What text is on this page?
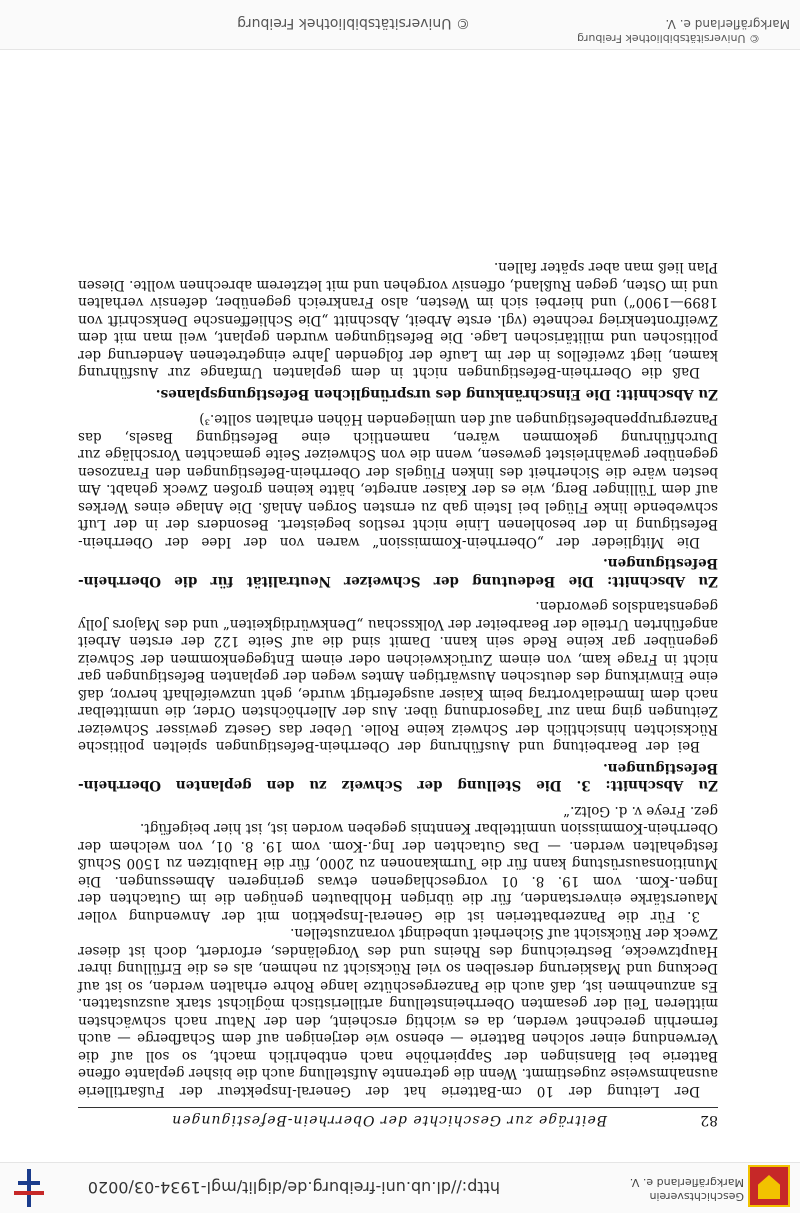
Geschichtsverein Markgräflerland e. V.
http://dl.ub.uni-freiburg.de/diglit/mgl-1934-03/0020
82
Beiträge zur Geschichte der Oberrhein-Befestigungen

Der Leitung der 10 cm-Batterie hat der General-Inspekteur der Fußartillerie ausnahmsweise zugestimmt. Wenn die getrennte Aufstellung auch die bisher geplante offene Batterie bei Blansingen der Sappierhöhe nach entbehrlich macht, so soll auf die Verwendung einer solchen Batterie — ebenso wie derjenigen auf dem Schafberge — auch fernerhin gerechnet werden, da es wichtig erscheint, den der Natur nach schwächsten mittleren Teil der gesamten Oberrheinstellung artilleristisch möglichst stark auszustatten. Es anzunehmen ist, daß auch die Panzergeschütze lange Rohre erhalten werden, so ist auf Deckung und Maskierung derselben so viel Rücksicht zu nehmen, als es die Erfüllung ihrer Hauptzwecke, Bestreichung des Rheins und des Vorgeländes, erfordert, doch ist dieser Zweck der Rücksicht auf Sicherheit unbedingt voranzustellen.

3. Für die Panzerbatterien ist die General-Inspektion mit der Anwendung voller Mauerstärke einverstanden, für die übrigen Hohlbauten genügen die im Gutachten der Ingen.-Kom. vom 19. 8. 01 vorgeschlagenen etwas geringeren Abmessungen. Die Munitionsausrüstung kann für die Turmkanonen zu 2000, für die Haubitzen zu 1500 Schuß festgehalten werden. — Das Gutachten der Ing.-Kom. vom 19. 8. 01, von welchem der Oberrhein-Kommission unmittelbar Kenntnis gegeben worden ist, ist hier beigefügt.

gez. Freye v. d. Goltz.“

Zu Abschnitt: 3. Die Stellung der Schweiz zu den geplanten Oberrhein-Befestigungen.

Bei der Bearbeitung und Ausführung der Oberrhein-Befestigungen spielten politische Rücksichten hinsichtlich der Schweiz keine Rolle. Ueber das Gesetz gewisser Schweizer Zeitungen ging man zur Tagesordnung über. Aus der Allerhöchsten Order, die unmittelbar nach dem Immediatvortrag beim Kaiser ausgefertigt wurde, geht unzweifelhaft hervor, daß eine Einwirkung des deutschen Auswärtigen Amtes wegen der geplanten Befestigungen gar nicht in Frage kam, von einem Zurückweichen oder einem Entgegenkommen der Schweiz gegenüber gar keine Rede sein kann. Damit sind die auf Seite 122 der ersten Arbeit angeführten Urteile der Bearbeiter der Volksschau „Denkwürdigkeiten“ und des Majors Jolly gegenstandslos geworden.

Zu Abschnitt: Die Bedeutung der Schweizer Neutralität für die Oberrhein-Befestigungen.

Die Mitglieder der „Oberrhein-Kommission“ waren von der Idee der Oberrhein-Befestigung in der besohlenen Linie nicht restlos begeistert. Besonders der in der Luft schwebende linke Flügel bei Istein gab zu ernsten Sorgen Anlaß. Die Anlage eines Werkes auf dem Tüllinger Berg, wie es der Kaiser anregte, hätte keinen großen Zweck gehabt. Am besten wäre die Sicherheit des linken Flügels der Oberrhein-Befestigungen den Franzosen gegenüber gewährleistet gewesen, wenn die von Schweizer Seite gemachten Vorschläge zur Durchführung gekommen wären, namentlich eine Befestigung Basels, das Panzergruppenbefestigungen auf den umliegenden Höhen erhalten sollte.³)

Zu Abschnitt: Die Einschränkung des ursprünglichen Befestigungsplanes.

Daß die Oberrhein-Befestigungen nicht in dem geplanten Umfange zur Ausführung kamen, liegt zweifellos in der im Laufe der folgenden Jahre eingetretenen Aenderung der politischen und militärischen Lage. Die Befestigungen wurden geplant, weil man mit dem Zweifrontenkrieg rechnete (vgl. erste Arbeit, Abschnitt „Die Schlieffensche Denkschrift von 1899—1900“) und hierbei sich im Westen, also Frankreich gegenüber, defensiv verhalten und im Osten, gegen Rußland, offensiv vorgehen und mit letzterem abrechnen wollte. Diesen Plan ließ man aber später fallen.

© Universitätsbibliothek Freiburg	Markgräflerland e. V.
© Universitätsbibliothek Freiburg
